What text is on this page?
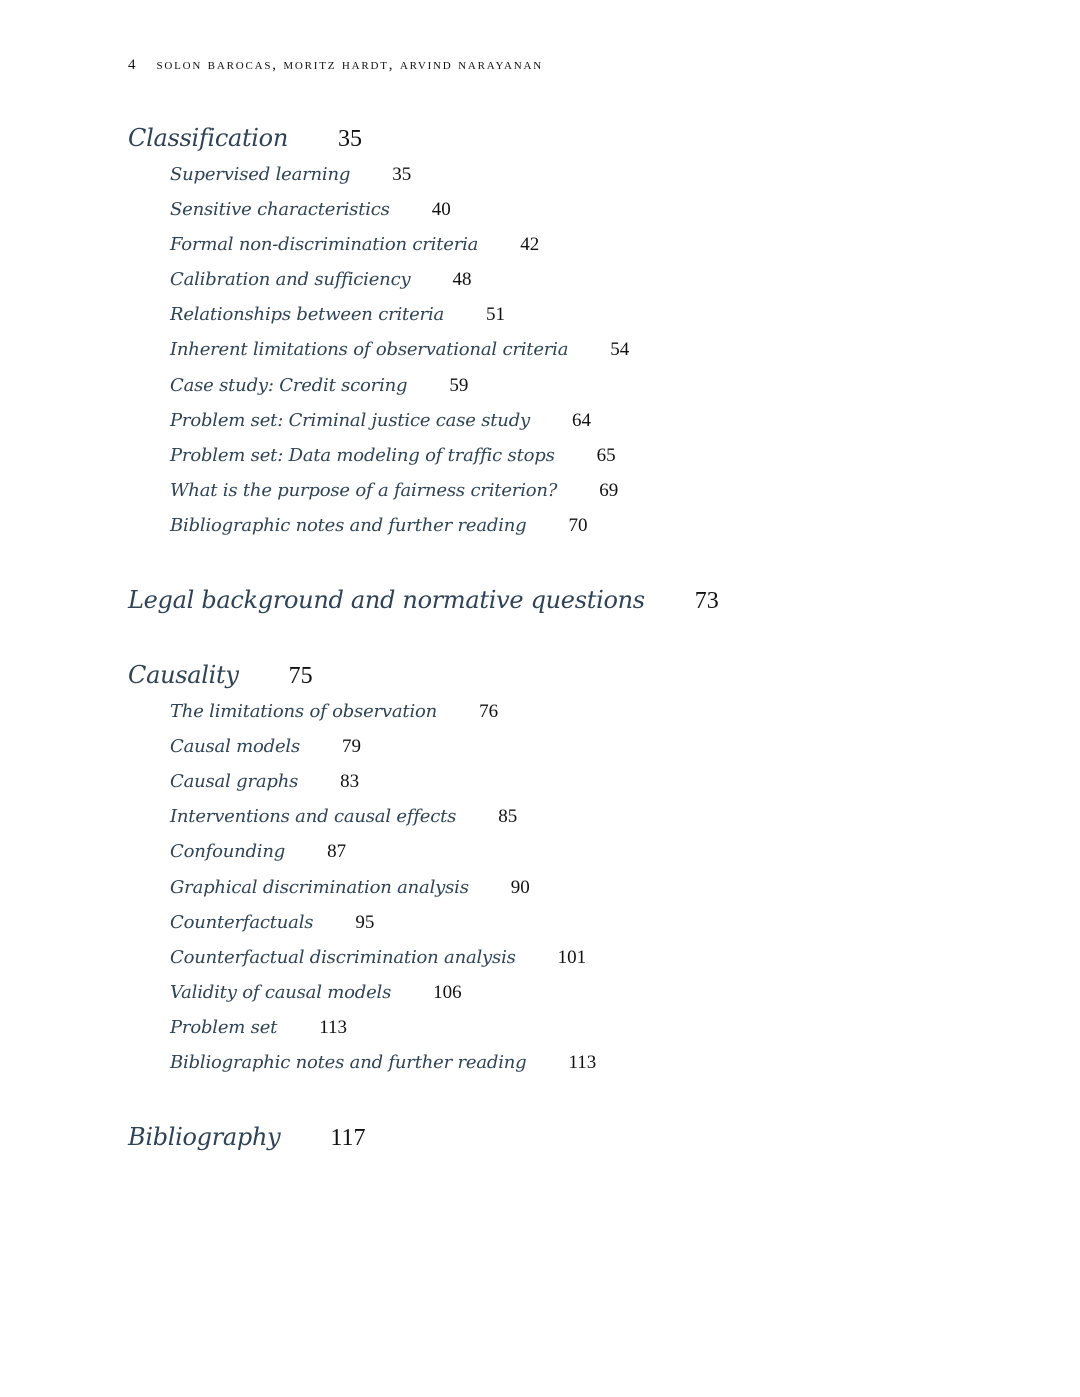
4 solon barocas, moritz hardt, arvind narayanan
Classification 35
Supervised learning 35
Sensitive characteristics 40
Formal non-discrimination criteria 42
Calibration and sufficiency 48
Relationships between criteria 51
Inherent limitations of observational criteria 54
Case study: Credit scoring 59
Problem set: Criminal justice case study 64
Problem set: Data modeling of traffic stops 65
What is the purpose of a fairness criterion? 69
Bibliographic notes and further reading 70
Legal background and normative questions 73
Causality 75
The limitations of observation 76
Causal models 79
Causal graphs 83
Interventions and causal effects 85
Confounding 87
Graphical discrimination analysis 90
Counterfactuals 95
Counterfactual discrimination analysis 101
Validity of causal models 106
Problem set 113
Bibliographic notes and further reading 113
Bibliography 117
